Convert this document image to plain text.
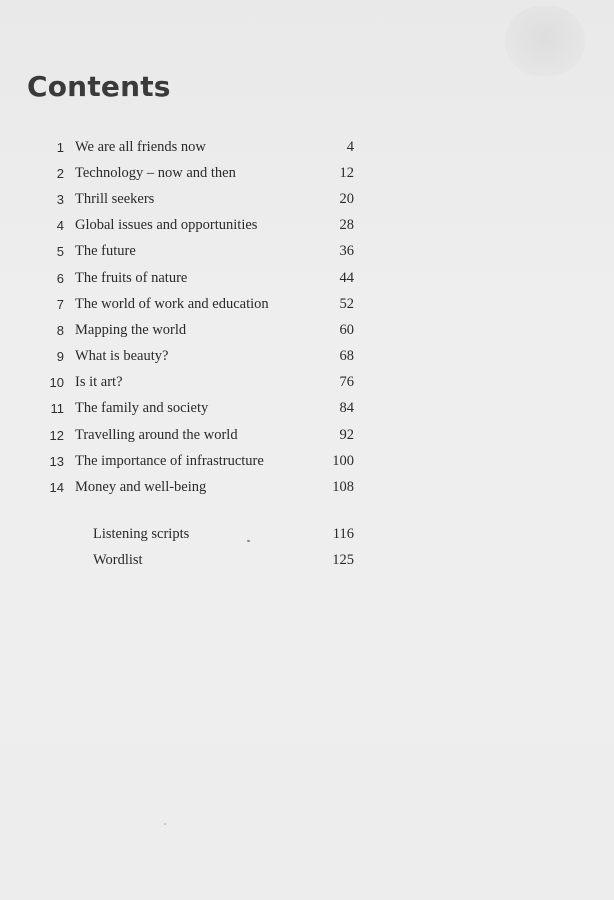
Contents
1 We are all friends now	4
2 Technology – now and then	12
3 Thrill seekers	20
4 Global issues and opportunities	28
5 The future	36
6 The fruits of nature	44
7 The world of work and education	52
8 Mapping the world	60
9 What is beauty?	68
10 Is it art?	76
11 The family and society	84
12 Travelling around the world	92
13 The importance of infrastructure	100
14 Money and well-being	108
Listening scripts	116
Wordlist	125
